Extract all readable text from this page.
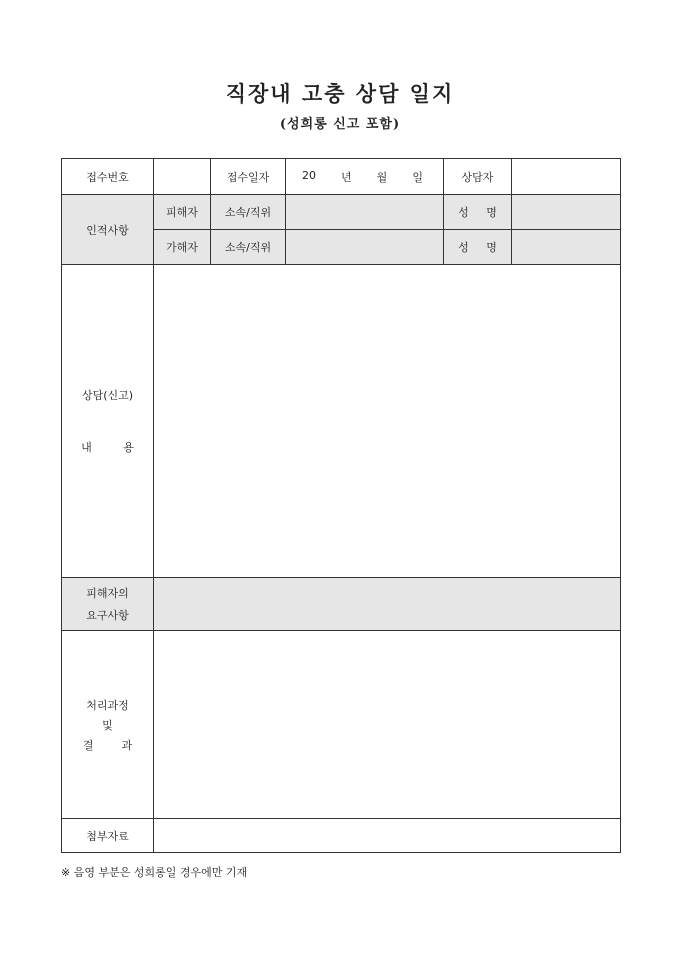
직장내 고충 상담 일지
(성희롱 신고 포함)
접수번호		접수일자	20 년 월 일	상담자	
인적사항	피해자	소속/직위		성 명	
	가해자	소속/직위		성 명	

상담(신고)
내 용					

피해자의
요구사항					

처리과정
및
결 과					

첨부자료					
※ 음영 부분은 성희롱일 경우에만 기재
